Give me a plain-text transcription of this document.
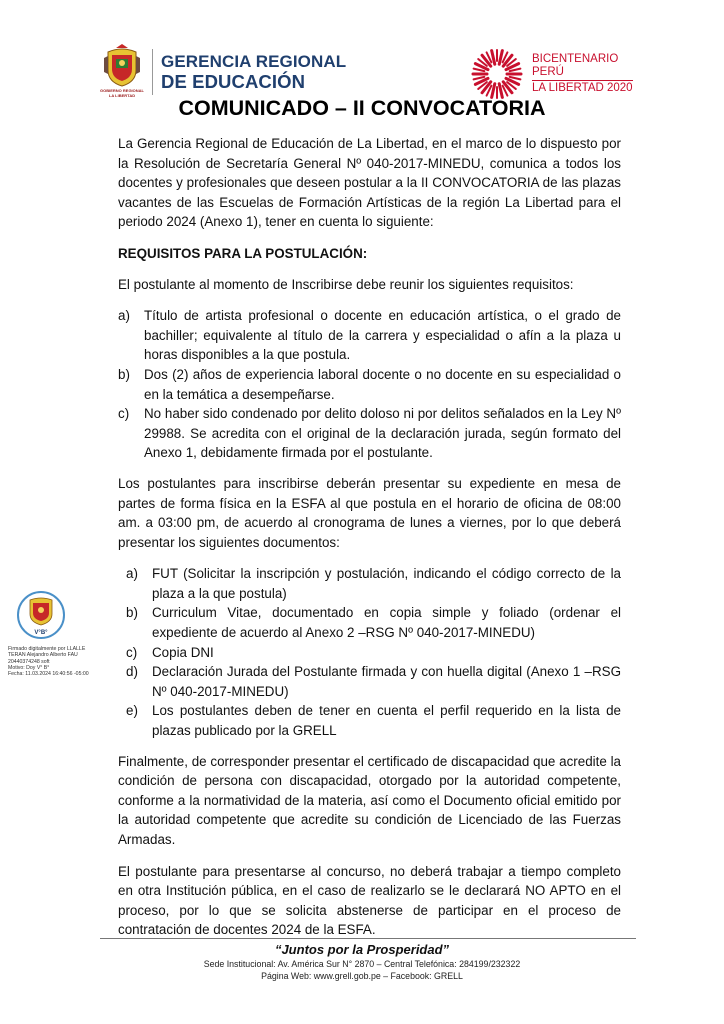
GOBIERNO REGIONAL
LA LIBERTAD
GERENCIA REGIONAL
DE EDUCACIÓN
BICENTENARIO
PERÚ
LA LIBERTAD 2020
COMUNICADO – II CONVOCATORIA

La Gerencia Regional de Educación de La Libertad, en el marco de lo dispuesto por la Resolución de Secretaría General Nº 040-2017-MINEDU, comunica a todos los docentes y profesionales que deseen postular a la II CONVOCATORIA de las plazas vacantes de las Escuelas de Formación Artísticas de la región La Libertad para el periodo 2024 (Anexo 1), tener en cuenta lo siguiente:

REQUISITOS PARA LA POSTULACIÓN:

El postulante al momento de Inscribirse debe reunir los siguientes requisitos:

a)	Título de artista profesional o docente en educación artística, o el grado de bachiller; equivalente al título de la carrera y especialidad o afín a la plaza u horas disponibles a la que postula.
b)	Dos (2) años de experiencia laboral docente o no docente en su especialidad o en la temática a desempeñarse.
c)	No haber sido condenado por delito doloso ni por delitos señalados en la Ley Nº 29988. Se acredita con el original de la declaración jurada, según formato del Anexo 1, debidamente firmada por el postulante.

Los postulantes para inscribirse deberán presentar su expediente en mesa de partes de forma física en la ESFA al que postula en el horario de oficina de 08:00 am. a 03:00 pm, de acuerdo al cronograma de lunes a viernes, por lo que deberá presentar los siguientes documentos:

a)	FUT (Solicitar la inscripción y postulación, indicando el código correcto de la plaza a la que postula)
b)	Curriculum Vitae, documentado en copia simple y foliado (ordenar el expediente de acuerdo al Anexo 2 –RSG Nº 040-2017-MINEDU)
c)	Copia DNI
d)	Declaración Jurada del Postulante firmada y con huella digital (Anexo 1 –RSG Nº 040-2017-MINEDU)
e)	Los postulantes deben de tener en cuenta el perfil requerido en la lista de plazas publicado por la GRELL

Finalmente, de corresponder presentar el certificado de discapacidad que acredite la condición de persona con discapacidad, otorgado por la autoridad competente, conforme a la normatividad de la materia, así como el Documento oficial emitido por la autoridad competente que acredite su condición de Licenciado de las Fuerzas Armadas.

El postulante para presentarse al concurso, no deberá trabajar a tiempo completo en otra Institución pública, en el caso de realizarlo se le declarará NO APTO en el proceso, por lo que se solicita abstenerse de participar en el proceso de contratación de docentes 2024 de la ESFA.

V°B°
Firmado digitalmente por LLALLE
TERAN Alejandro Alberto FAU
20440374248 soft
Motivo: Doy V° B°
Fecha: 11.03.2024 16:40:56 -05:00
“Juntos por la Prosperidad”
Sede Institucional: Av. América Sur N° 2870 – Central Telefónica: 284199/232322
Página Web: www.grell.gob.pe – Facebook: GRELL
